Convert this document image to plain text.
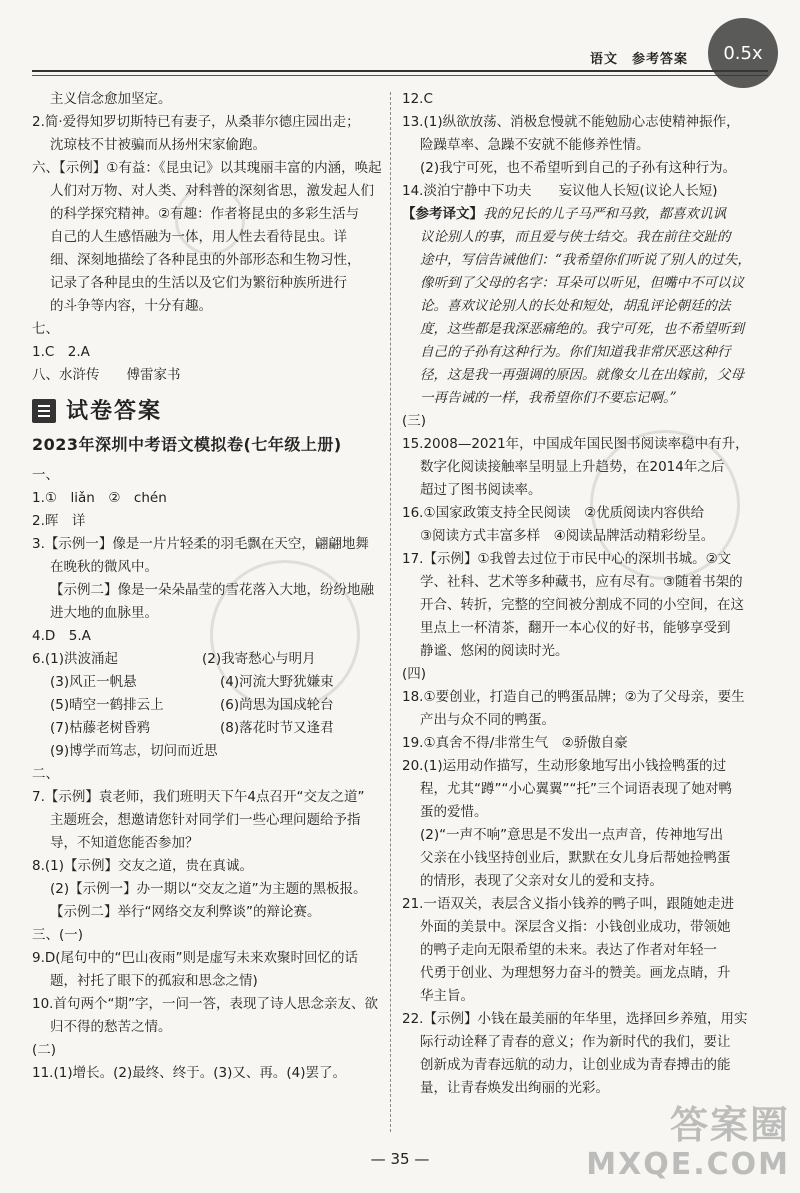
语文　参考答案	0.5x
主义信念愈加坚定。
2.简·爱得知罗切斯特已有妻子，从桑菲尔德庄园出走；
沈琼枝不甘被骗而从扬州宋家偷跑。
六、【示例】①有益：《昆虫记》以其瑰丽丰富的内涵，唤起
人们对万物、对人类、对科普的深刻省思，激发起人们
的科学探究精神。②有趣：作者将昆虫的多彩生活与
自己的人生感悟融为一体，用人性去看待昆虫。详
细、深刻地描绘了各种昆虫的外部形态和生物习性，
记录了各种昆虫的生活以及它们为繁衍种族所进行
的斗争等内容，十分有趣。
七、
1.C　2.A
八、水浒传　　傅雷家书
试卷答案
2023年深圳中考语文模拟卷(七年级上册)
一、
1.①　liǎn　②　chén
2.晖　详
3.【示例一】像是一片片轻柔的羽毛飘在天空，翩翩地舞
在晚秋的微风中。
【示例二】像是一朵朵晶莹的雪花落入大地，纷纷地融
进大地的血脉里。
4.D　5.A
6.(1)洪波涌起	(2)我寄愁心与明月
(3)风正一帆悬	(4)河流大野犹嫌束
(5)晴空一鹤排云上	(6)尚思为国戍轮台
(7)枯藤老树昏鸦	(8)落花时节又逢君
(9)博学而笃志，切问而近思
二、
7.【示例】袁老师，我们班明天下午4点召开“交友之道”
主题班会，想邀请您针对同学们一些心理问题给予指
导，不知道您能否参加？
8.(1)【示例】交友之道，贵在真诚。
(2)【示例一】办一期以“交友之道”为主题的黑板报。
【示例二】举行“网络交友利弊谈”的辩论赛。
三、(一)
9.D(尾句中的“巴山夜雨”则是虚写未来欢聚时回忆的话
题，衬托了眼下的孤寂和思念之情)
10.首句两个“期”字，一问一答，表现了诗人思念亲友、欲
归不得的愁苦之情。
(二)
11.(1)增长。(2)最终、终于。(3)又、再。(4)罢了。
12.C
13.(1)纵欲放荡、消极怠慢就不能勉励心志使精神振作，
险躁草率、急躁不安就不能修养性情。
(2)我宁可死，也不希望听到自己的子孙有这种行为。
14.淡泊宁静中下功夫　　妄议他人长短(议论人长短)
【参考译文】我的兄长的儿子马严和马敦，都喜欢讥讽
议论别人的事，而且爱与侠士结交。我在前往交趾的
途中，写信告诫他们：“我希望你们听说了别人的过失，
像听到了父母的名字：耳朵可以听见，但嘴中不可以议
论。喜欢议论别人的长处和短处，胡乱评论朝廷的法
度，这些都是我深恶痛绝的。我宁可死，也不希望听到
自己的子孙有这种行为。你们知道我非常厌恶这种行
径，这是我一再强调的原因。就像女儿在出嫁前，父母
一再告诫的一样，我希望你们不要忘记啊。”
(三)
15.2008—2021年，中国成年国民图书阅读率稳中有升，
数字化阅读接触率呈明显上升趋势，在2014年之后
超过了图书阅读率。
16.①国家政策支持全民阅读　②优质阅读内容供给
③阅读方式丰富多样　④阅读品牌活动精彩纷呈。
17.【示例】①我曾去过位于市民中心的深圳书城。②文
学、社科、艺术等多种藏书，应有尽有。③随着书架的
开合、转折，完整的空间被分割成不同的小空间，在这
里点上一杯清茶，翻开一本心仪的好书，能够享受到
静谧、悠闲的阅读时光。
(四)
18.①要创业，打造自己的鸭蛋品牌；②为了父母亲，要生
产出与众不同的鸭蛋。
19.①真舍不得/非常生气　②骄傲自豪
20.(1)运用动作描写，生动形象地写出小钱捡鸭蛋的过
程，尤其“蹲”“小心翼翼”“托”三个词语表现了她对鸭
蛋的爱惜。
(2)“一声不响”意思是不发出一点声音，传神地写出
父亲在小钱坚持创业后，默默在女儿身后帮她捡鸭蛋
的情形，表现了父亲对女儿的爱和支持。
21.一语双关，表层含义指小钱养的鸭子叫，跟随她走进
外面的美景中。深层含义指：小钱创业成功，带领她
的鸭子走向无限希望的未来。表达了作者对年轻一
代勇于创业、为理想努力奋斗的赞美。画龙点睛，升
华主旨。
22.【示例】小钱在最美丽的年华里，选择回乡养殖，用实
际行动诠释了青春的意义；作为新时代的我们，要让
创新成为青春远航的动力，让创业成为青春搏击的能
量，让青春焕发出绚丽的光彩。
— 35 —
答案圈
MXQE.COM
